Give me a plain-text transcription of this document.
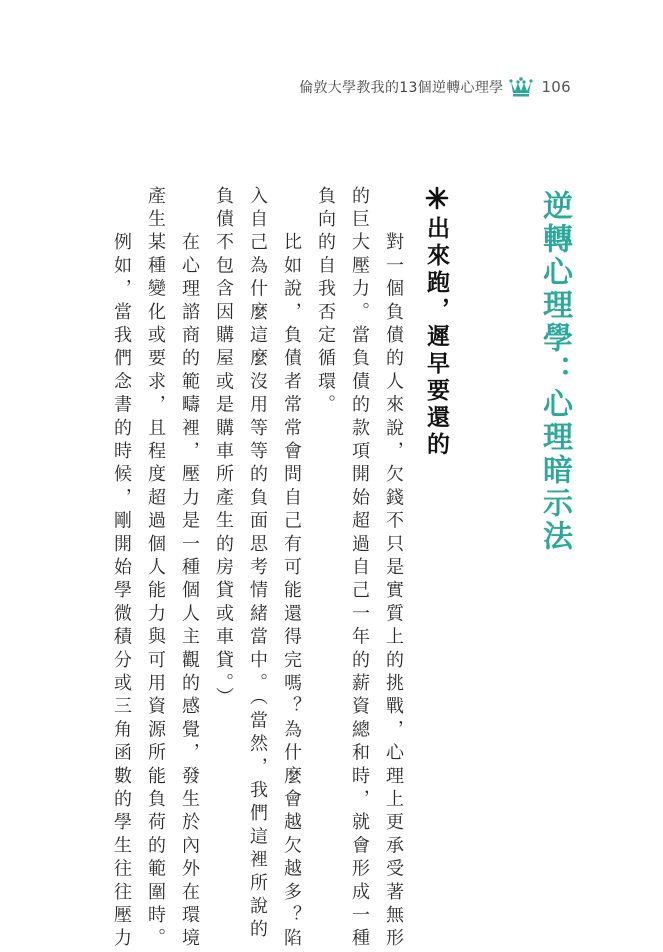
倫敦大學教我的13個逆轉心理學	106
逆轉心理學：心理暗示法
出來跑，遲早要還的
　　對一個負債的人來說，欠錢不只是實質上的挑戰，心理上更承受著無形
的巨大壓力。當負債的款項開始超過自己一年的薪資總和時，就會形成一種
負向的自我否定循環。
　　比如說，負債者常常會問自己有可能還得完嗎？為什麼會越欠越多？陷
入自己為什麼這麼沒用等等的負面思考情緒當中。（當然，我們這裡所說的
負債不包含因購屋或是購車所產生的房貸或車貸。）
　　在心理諮商的範疇裡，壓力是一種個人主觀的感覺，發生於內外在環境
產生某種變化或要求，且程度超過個人能力與可用資源所能負荷的範圍時。
　　例如，當我們念書的時候，剛開始學微積分或三角函數的學生往往壓力
